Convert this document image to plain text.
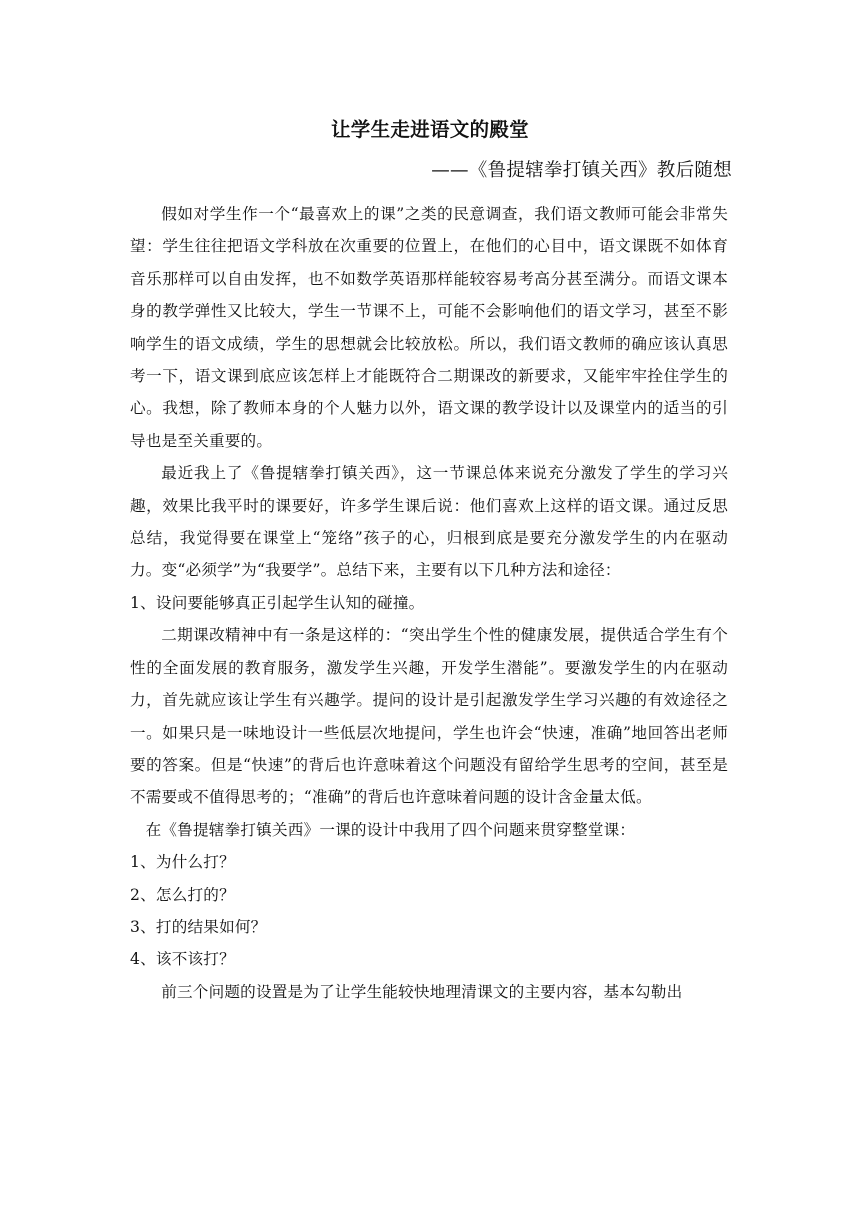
让学生走进语文的殿堂
——《鲁提辖拳打镇关西》教后随想

假如对学生作一个“最喜欢上的课”之类的民意调查，我们语文教师可能会非常失望：学生往往把语文学科放在次重要的位置上，在他们的心目中，语文课既不如体育音乐那样可以自由发挥，也不如数学英语那样能较容易考高分甚至满分。而语文课本身的教学弹性又比较大，学生一节课不上，可能不会影响他们的语文学习，甚至不影响学生的语文成绩，学生的思想就会比较放松。所以，我们语文教师的确应该认真思考一下，语文课到底应该怎样上才能既符合二期课改的新要求，又能牢牢拴住学生的心。我想，除了教师本身的个人魅力以外，语文课的教学设计以及课堂内的适当的引导也是至关重要的。

最近我上了《鲁提辖拳打镇关西》，这一节课总体来说充分激发了学生的学习兴趣，效果比我平时的课要好，许多学生课后说：他们喜欢上这样的语文课。通过反思总结，我觉得要在课堂上“笼络”孩子的心，归根到底是要充分激发学生的内在驱动力。变“必须学”为“我要学”。总结下来，主要有以下几种方法和途径：

1、设问要能够真正引起学生认知的碰撞。

二期课改精神中有一条是这样的：“突出学生个性的健康发展，提供适合学生有个性的全面发展的教育服务，激发学生兴趣，开发学生潜能”。要激发学生的内在驱动力，首先就应该让学生有兴趣学。提问的设计是引起激发学生学习兴趣的有效途径之一。如果只是一味地设计一些低层次地提问，学生也许会“快速，准确”地回答出老师要的答案。但是“快速”的背后也许意味着这个问题没有留给学生思考的空间，甚至是不需要或不值得思考的；“准确”的背后也许意味着问题的设计含金量太低。

在《鲁提辖拳打镇关西》一课的设计中我用了四个问题来贯穿整堂课：

1、为什么打？

2、怎么打的？

3、打的结果如何？

4、该不该打？

前三个问题的设置是为了让学生能较快地理清课文的主要内容，基本勾勒出
